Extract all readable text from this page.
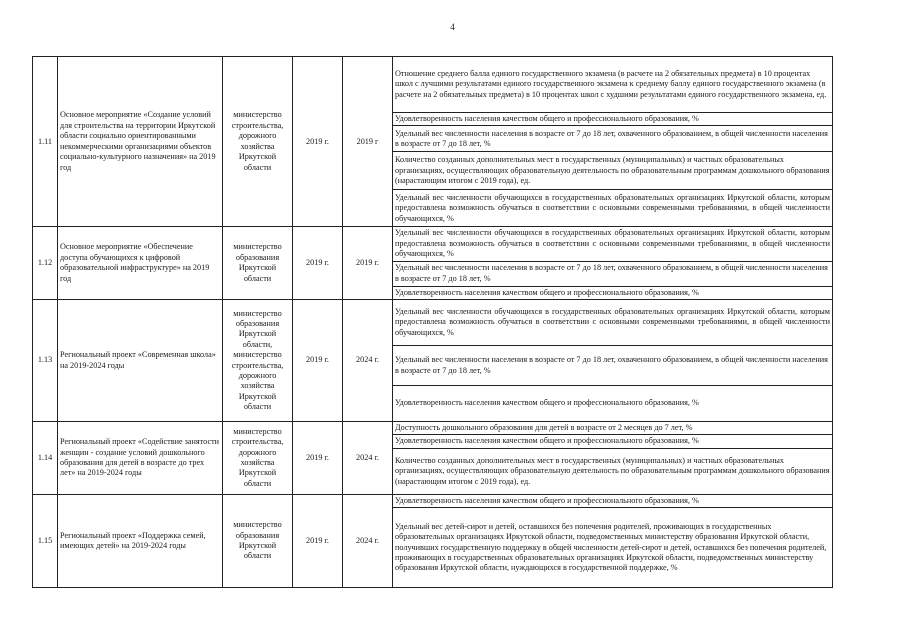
4
1.11	Основное мероприятие «Создание условий для строительства на территории Иркутской области социально ориентированными некоммерческими организациями объектов социально-культурного назначения» на 2019 год	министерство строительства, дорожного хозяйства Иркутской области	2019 г.	2019 г	Отношение среднего балла единого государственного экзамена (в расчете на 2 обязательных предмета) в 10 процентах школ с лучшими результатами единого государственного экзамена к среднему баллу единого государственного экзамена (в расчете на 2 обязательных предмета) в 10 процентах школ с худшими результатами единого государственного экзамена, ед.
					Удовлетворенность населения качеством общего и профессионального образования, %
					Удельный вес численности населения в возрасте от 7 до 18 лет, охваченного образованием, в общей численности населения в возрасте от 7 до 18 лет, %
					Количество созданных дополнительных мест в государственных (муниципальных) и частных образовательных организациях, осуществляющих образовательную деятельность по образовательным программам дошкольного образования (нарастающим итогом с 2019 года), ед.
					Удельный вес численности обучающихся в государственных образовательных организациях Иркутской области, которым предоставлена возможность обучаться в соответствии с основными современными требованиями, в общей численности обучающихся, %
1.12	Основное мероприятие «Обеспечение доступа обучающихся к цифровой образовательной инфраструктуре» на 2019 год	министерство образования Иркутской области	2019 г.	2019 г.	Удельный вес численности обучающихся в государственных образовательных организациях Иркутской области, которым предоставлена возможность обучаться в соответствии с основными современными требованиями, в общей численности обучающихся, %
					Удельный вес численности населения в возрасте от 7 до 18 лет, охваченного образованием, в общей численности населения в возрасте от 7 до 18 лет, %
					Удовлетворенность населения качеством общего и профессионального образования, %
1.13	Региональный проект «Современная школа» на 2019-2024 годы	министерство образования Иркутской области, министерство строительства, дорожного хозяйства Иркутской области	2019 г.	2024 г.	Удельный вес численности обучающихся в государственных образовательных организациях Иркутской области, которым предоставлена возможность обучаться в соответствии с основными современными требованиями, в общей численности обучающихся, %
					Удельный вес численности населения в возрасте от 7 до 18 лет, охваченного образованием, в общей численности населения в возрасте от 7 до 18 лет, %
					Удовлетворенность населения качеством общего и профессионального образования, %
1.14	Региональный проект «Содействие занятости женщин - создание условий дошкольного образования для детей в возрасте до трех лет» на 2019-2024 годы	министерство строительства, дорожного хозяйства Иркутской области	2019 г.	2024 г.	Доступность дошкольного образования для детей в возрасте от 2 месяцев до 7 лет, %
					Удовлетворенность населения качеством общего и профессионального образования, %
					Количество созданных дополнительных мест в государственных (муниципальных) и частных образовательных организациях, осуществляющих образовательную деятельность по образовательным программам дошкольного образования (нарастающим итогом с 2019 года), ед.
1.15	Региональный проект «Поддержка семей, имеющих детей» на 2019-2024 годы	министерство образования Иркутской области	2019 г.	2024 г.	Удовлетворенность населения качеством общего и профессионального образования, %
					Удельный вес детей-сирот и детей, оставшихся без попечения родителей, проживающих в государственных образовательных организациях Иркутской области, подведомственных министерству образования Иркутской области, получивших государственную поддержку в общей численности детей-сирот и детей, оставшихся без попечения родителей, проживающих в государственных образовательных организациях Иркутской области, подведомственных министерству образования Иркутской области, нуждающихся в государственной поддержке, %
